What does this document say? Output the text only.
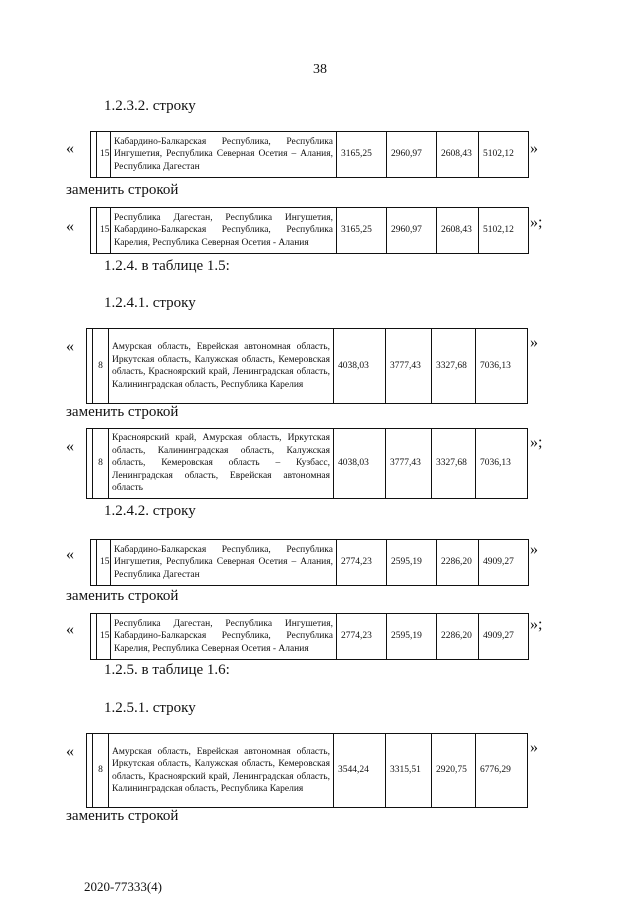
38
1.2.3.2. строку
«
		15	Кабардино-Балкарская Республика, Республика Ингушетия, Республика Северная Осетия – Алания, Республика Дагестан	3165,25	2960,97	2608,43	5102,12 »
заменить строкой
«
		15	Республика Дагестан, Республика Ингушетия, Кабардино-Балкарская Республика, Республика Карелия, Республика Северная Осетия - Алания	3165,25	2960,97	2608,43	5102,12 »;
1.2.4. в таблице 1.5:
1.2.4.1. строку
«
	8	Амурская область, Еврейская автономная область, Иркутская область, Калужская область, Кемеровская область, Красноярский край, Ленинградская область, Калининградская область, Республика Карелия	4038,03	3777,43	3327,68	7036,13
»
заменить строкой
«
	8	Красноярский край, Амурская область, Иркутская область, Калининградская область, Калужская область, Кемеровская область – Кузбасс, Ленинградская область, Еврейская автономная область	4038,03	3777,43	3327,68	7036,13
»;
1.2.4.2. строку
«
		15	Кабардино-Балкарская Республика, Республика Ингушетия, Республика Северная Осетия – Алания, Республика Дагестан	2774,23	2595,19	2286,20	4909,27
»
заменить строкой
«
		15	Республика Дагестан, Республика Ингушетия, Кабардино-Балкарская Республика, Республика Карелия, Республика Северная Осетия - Алания	2774,23	2595,19	2286,20	4909,27
»;
1.2.5. в таблице 1.6:
1.2.5.1. строку
«
	8	Амурская область, Еврейская автономная область, Иркутская область, Калужская область, Кемеровская область, Красноярский край, Ленинградская область, Калининградская область, Республика Карелия	3544,24	3315,51	2920,75	6776,29
»
заменить строкой
2020-77333(4)
